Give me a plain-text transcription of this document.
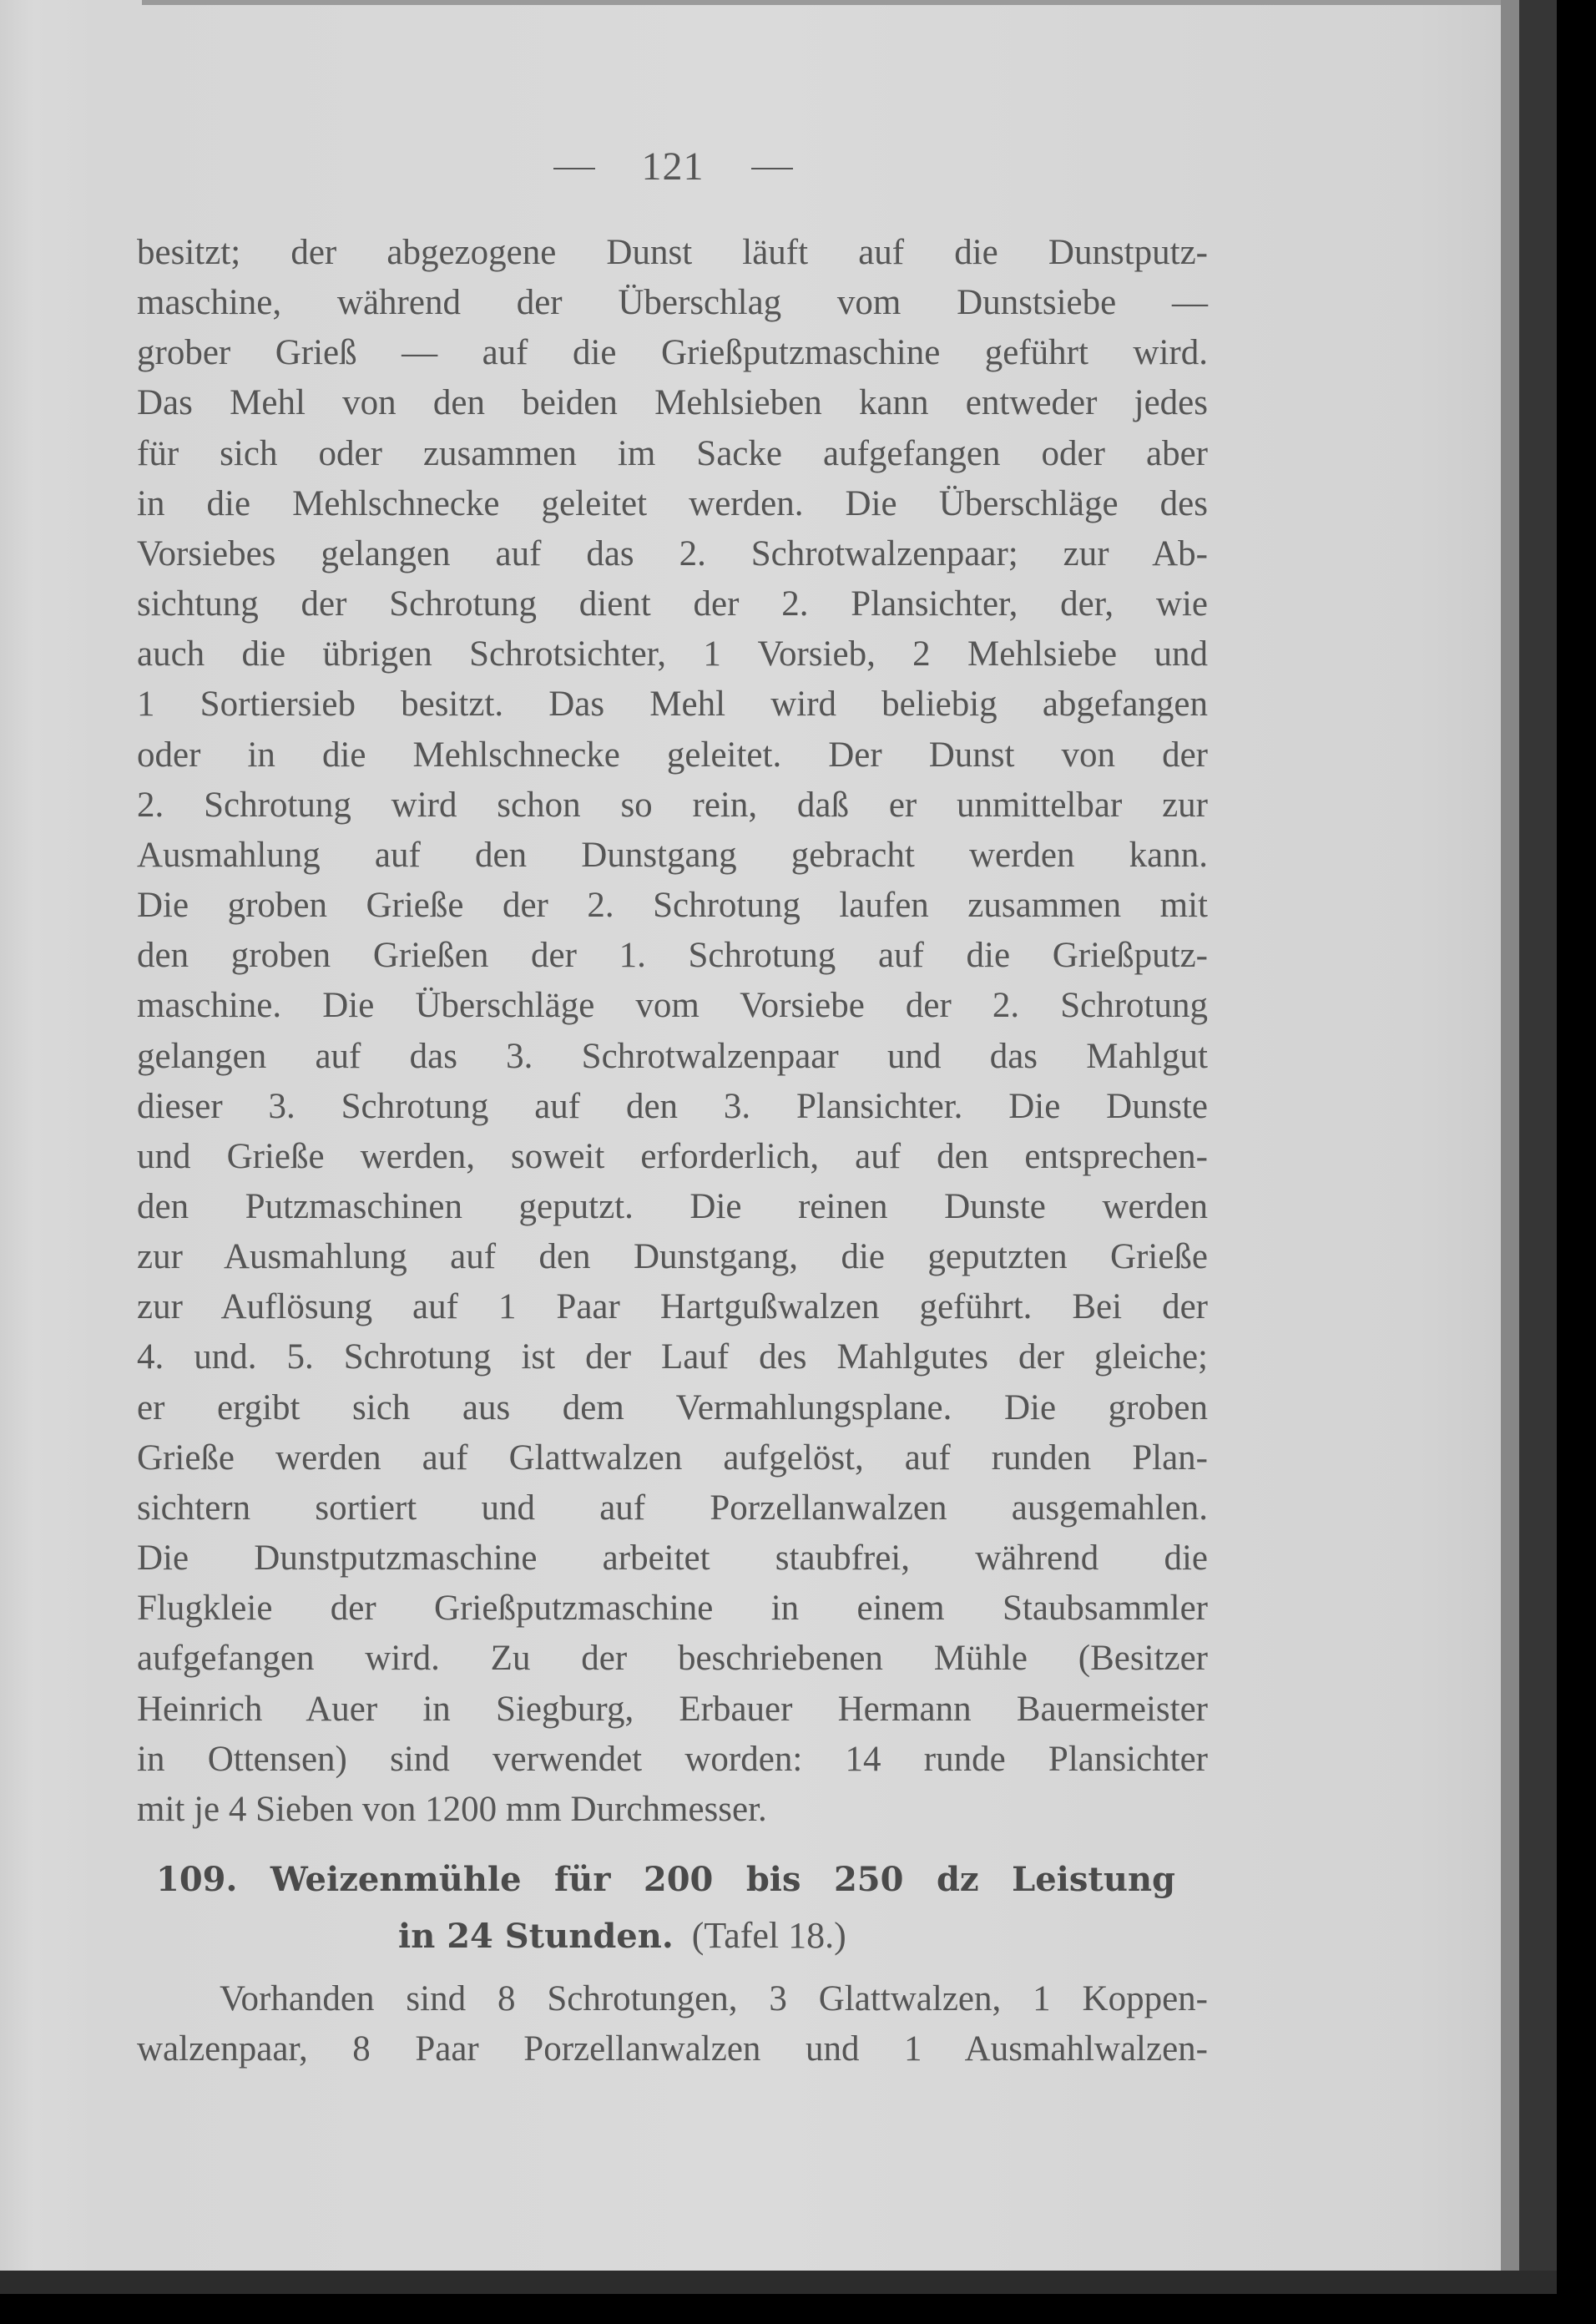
121
besitzt; der abgezogene Dunst läuft auf die Dunstputz-
maschine, während der Überschlag vom Dunstsiebe —
grober Grieß — auf die Grießputzmaschine geführt wird.
Das Mehl von den beiden Mehlsieben kann entweder jedes
für sich oder zusammen im Sacke aufgefangen oder aber
in die Mehlschnecke geleitet werden. Die Überschläge des
Vorsiebes gelangen auf das 2. Schrotwalzenpaar; zur Ab-
sichtung der Schrotung dient der 2. Plansichter, der, wie
auch die übrigen Schrotsichter, 1 Vorsieb, 2 Mehlsiebe und
1 Sortiersieb besitzt. Das Mehl wird beliebig abgefangen
oder in die Mehlschnecke geleitet. Der Dunst von der
2. Schrotung wird schon so rein, daß er unmittelbar zur
Ausmahlung auf den Dunstgang gebracht werden kann.
Die groben Grieße der 2. Schrotung laufen zusammen mit
den groben Grießen der 1. Schrotung auf die Grießputz-
maschine. Die Überschläge vom Vorsiebe der 2. Schrotung
gelangen auf das 3. Schrotwalzenpaar und das Mahlgut
dieser 3. Schrotung auf den 3. Plansichter. Die Dunste
und Grieße werden, soweit erforderlich, auf den entsprechen-
den Putzmaschinen geputzt. Die reinen Dunste werden
zur Ausmahlung auf den Dunstgang, die geputzten Grieße
zur Auflösung auf 1 Paar Hartgußwalzen geführt. Bei der
4. und. 5. Schrotung ist der Lauf des Mahlgutes der gleiche;
er ergibt sich aus dem Vermahlungsplane. Die groben
Grieße werden auf Glattwalzen aufgelöst, auf runden Plan-
sichtern sortiert und auf Porzellanwalzen ausgemahlen.
Die Dunstputzmaschine arbeitet staubfrei, während die
Flugkleie der Grießputzmaschine in einem Staubsammler
aufgefangen wird. Zu der beschriebenen Mühle (Besitzer
Heinrich Auer in Siegburg, Erbauer Hermann Bauermeister
in Ottensen) sind verwendet worden: 14 runde Plansichter
mit je 4 Sieben von 1200 mm Durchmesser.
109. Weizenmühle für 200 bis 250 dz Leistung
in 24 Stunden. (Tafel 18.)
Vorhanden sind 8 Schrotungen, 3 Glattwalzen, 1 Koppen-
walzenpaar, 8 Paar Porzellanwalzen und 1 Ausmahlwalzen-
